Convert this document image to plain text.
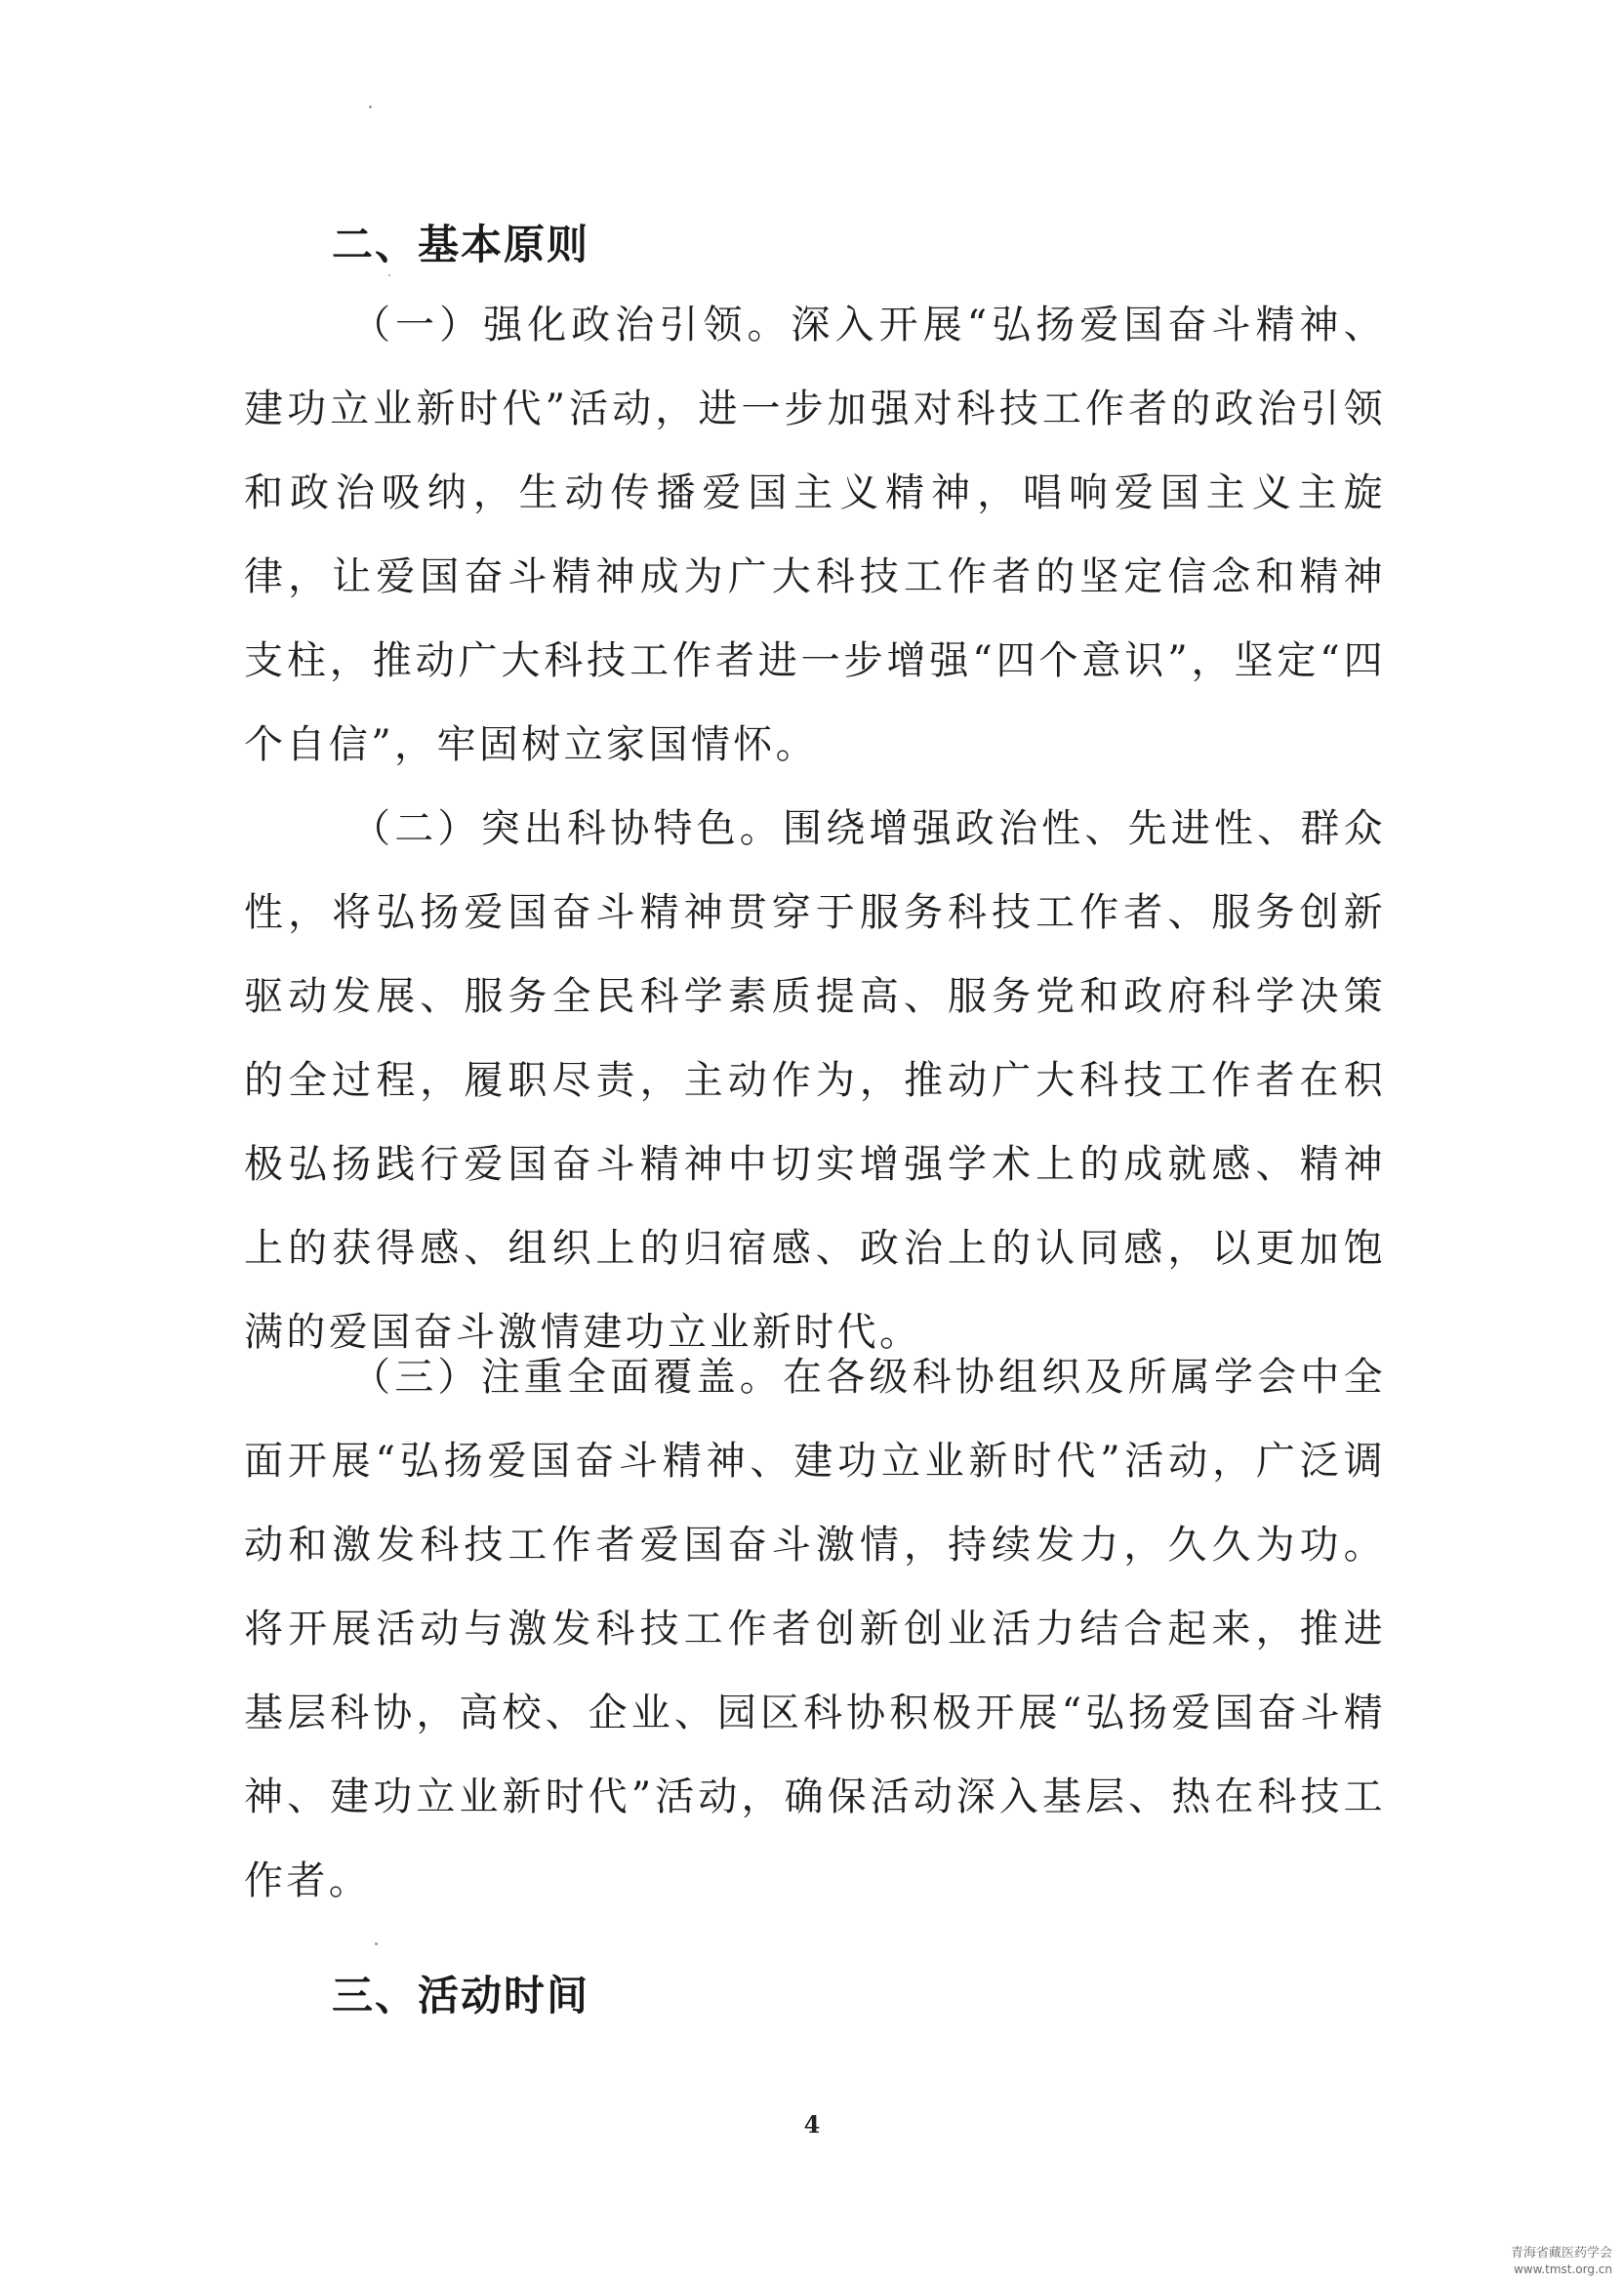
二、基本原则

（一）强化政治引领。深入开展“弘扬爱国奋斗精神、建功立业新时代”活动，进一步加强对科技工作者的政治引领和政治吸纳，生动传播爱国主义精神，唱响爱国主义主旋律，让爱国奋斗精神成为广大科技工作者的坚定信念和精神支柱，推动广大科技工作者进一步增强“四个意识”，坚定“四个自信”，牢固树立家国情怀。

（二）突出科协特色。围绕增强政治性、先进性、群众性，将弘扬爱国奋斗精神贯穿于服务科技工作者、服务创新驱动发展、服务全民科学素质提高、服务党和政府科学决策的全过程，履职尽责，主动作为，推动广大科技工作者在积极弘扬践行爱国奋斗精神中切实增强学术上的成就感、精神上的获得感、组织上的归宿感、政治上的认同感，以更加饱满的爱国奋斗激情建功立业新时代。

（三）注重全面覆盖。在各级科协组织及所属学会中全面开展“弘扬爱国奋斗精神、建功立业新时代”活动，广泛调动和激发科技工作者爱国奋斗激情，持续发力，久久为功。将开展活动与激发科技工作者创新创业活力结合起来，推进基层科协，高校、企业、园区科协积极开展“弘扬爱国奋斗精神、建功立业新时代”活动，确保活动深入基层、热在科技工作者。

三、活动时间
4
青海省藏医药学会
www.tmst.org.cn
